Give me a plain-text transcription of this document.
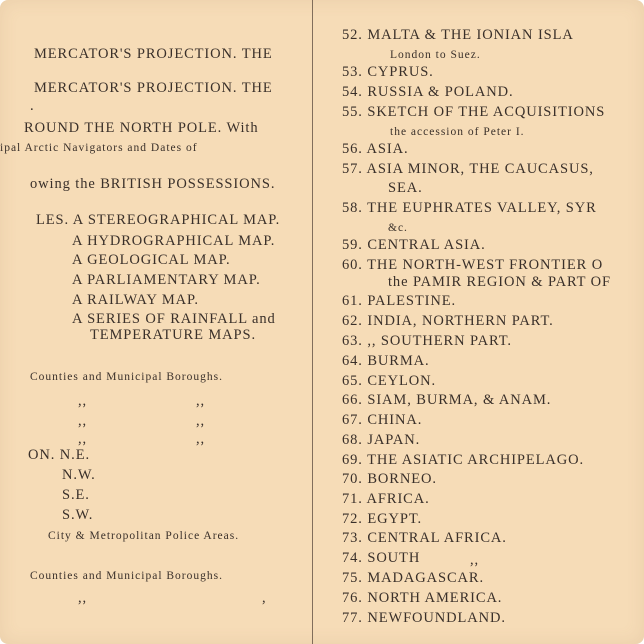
MERCATOR'S PROJECTION. THE
MERCATOR'S PROJECTION. THE
.
ROUND THE NORTH POLE. With
ipal Arctic Navigators and Dates of
owing the BRITISH POSSESSIONS.
LES. A STEREOGRAPHICAL MAP.
A HYDROGRAPHICAL MAP.
A GEOLOGICAL MAP.
A PARLIAMENTARY MAP.
A RAILWAY MAP.
A SERIES OF RAINFALL and
TEMPERATURE MAPS.
Counties and Municipal Boroughs.
,,	,,
,,	,,
,,	,,
ON. N.E.
N.W.
S.E.
S.W.
City & Metropolitan Police Areas.
Counties and Municipal Boroughs.
,,	,
52. MALTA & THE IONIAN ISLA
London to Suez.
53. CYPRUS.
54. RUSSIA & POLAND.
55. SKETCH OF THE ACQUISITIONS
the accession of Peter I.
56. ASIA.
57. ASIA MINOR, THE CAUCASUS,
SEA.
58. THE EUPHRATES VALLEY, SYR
&c.
59. CENTRAL ASIA.
60. THE NORTH-WEST FRONTIER O
the PAMIR REGION & PART OF
61. PALESTINE.
62. INDIA, NORTHERN PART.
63. ,, SOUTHERN PART.
64. BURMA.
65. CEYLON.
66. SIAM, BURMA, & ANAM.
67. CHINA.
68. JAPAN.
69. THE ASIATIC ARCHIPELAGO.
70. BORNEO.
71. AFRICA.
72. EGYPT.
73. CENTRAL AFRICA.
74. SOUTH	,,
75. MADAGASCAR.
76. NORTH AMERICA.
77. NEWFOUNDLAND.
